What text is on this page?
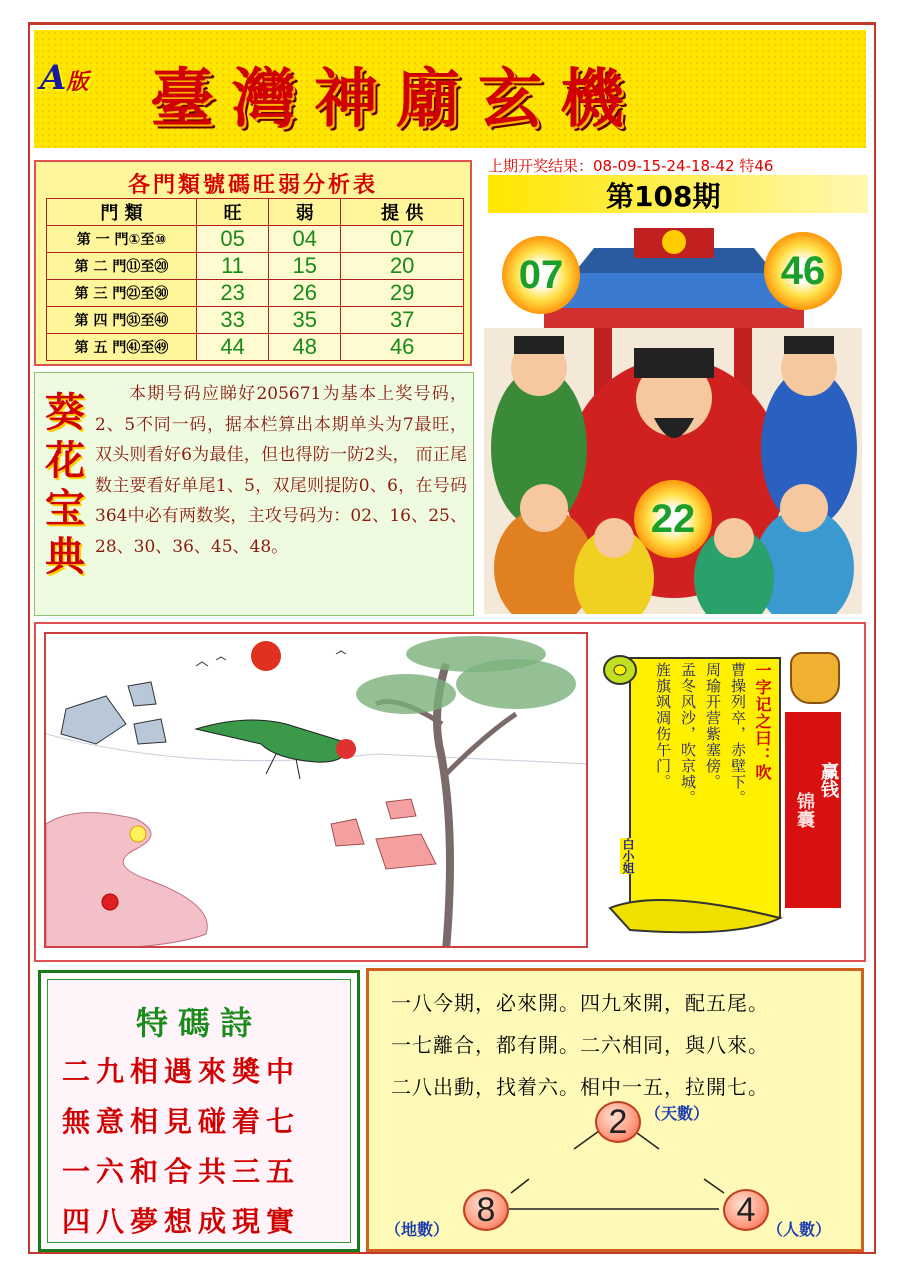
A版 臺灣神廟玄機
各門類號碼旺弱分析表
門 類	旺	弱	提 供
第 一 門①至⑩	05	04	07
第 二 門⑪至⑳	11	15	20
第 三 門㉑至㉚	23	26	29
第 四 門㉛至㊵	33	35	37
第 五 門㊶至㊾	44	48	46
上期开奖结果：08-09-15-24-18-42 特46
第108期
07	46
22
葵
花
宝
典
本期号码应睇好205671为基本上奖号码，2、5不同一码，据本栏算出本期单头为7最旺，双头则看好6为最佳，但也得防一防2头， 而正尾数主要看好单尾1、5，双尾则提防0、6，在号码364中必有两数奖，主攻号码为：02、16、25、28、30、36、45、48。
一字记之曰：吹
曹操列卒，赤壁下。
周瑜开营紫塞傍。
孟冬风沙，吹京城。
旌旗飒凋伤午门。
白小姐
赢钱
锦囊
特碼詩
二九相遇來奬中
無意相見碰着七
一六和合共三五
四八夢想成現實
一八今期，必來開。四九來開，配五尾。
一七離合，都有開。二六相同，與八來。
二八出動，找着六。相中一五，拉開七。
2	（天數）
8
（地數）
4
（人數）
